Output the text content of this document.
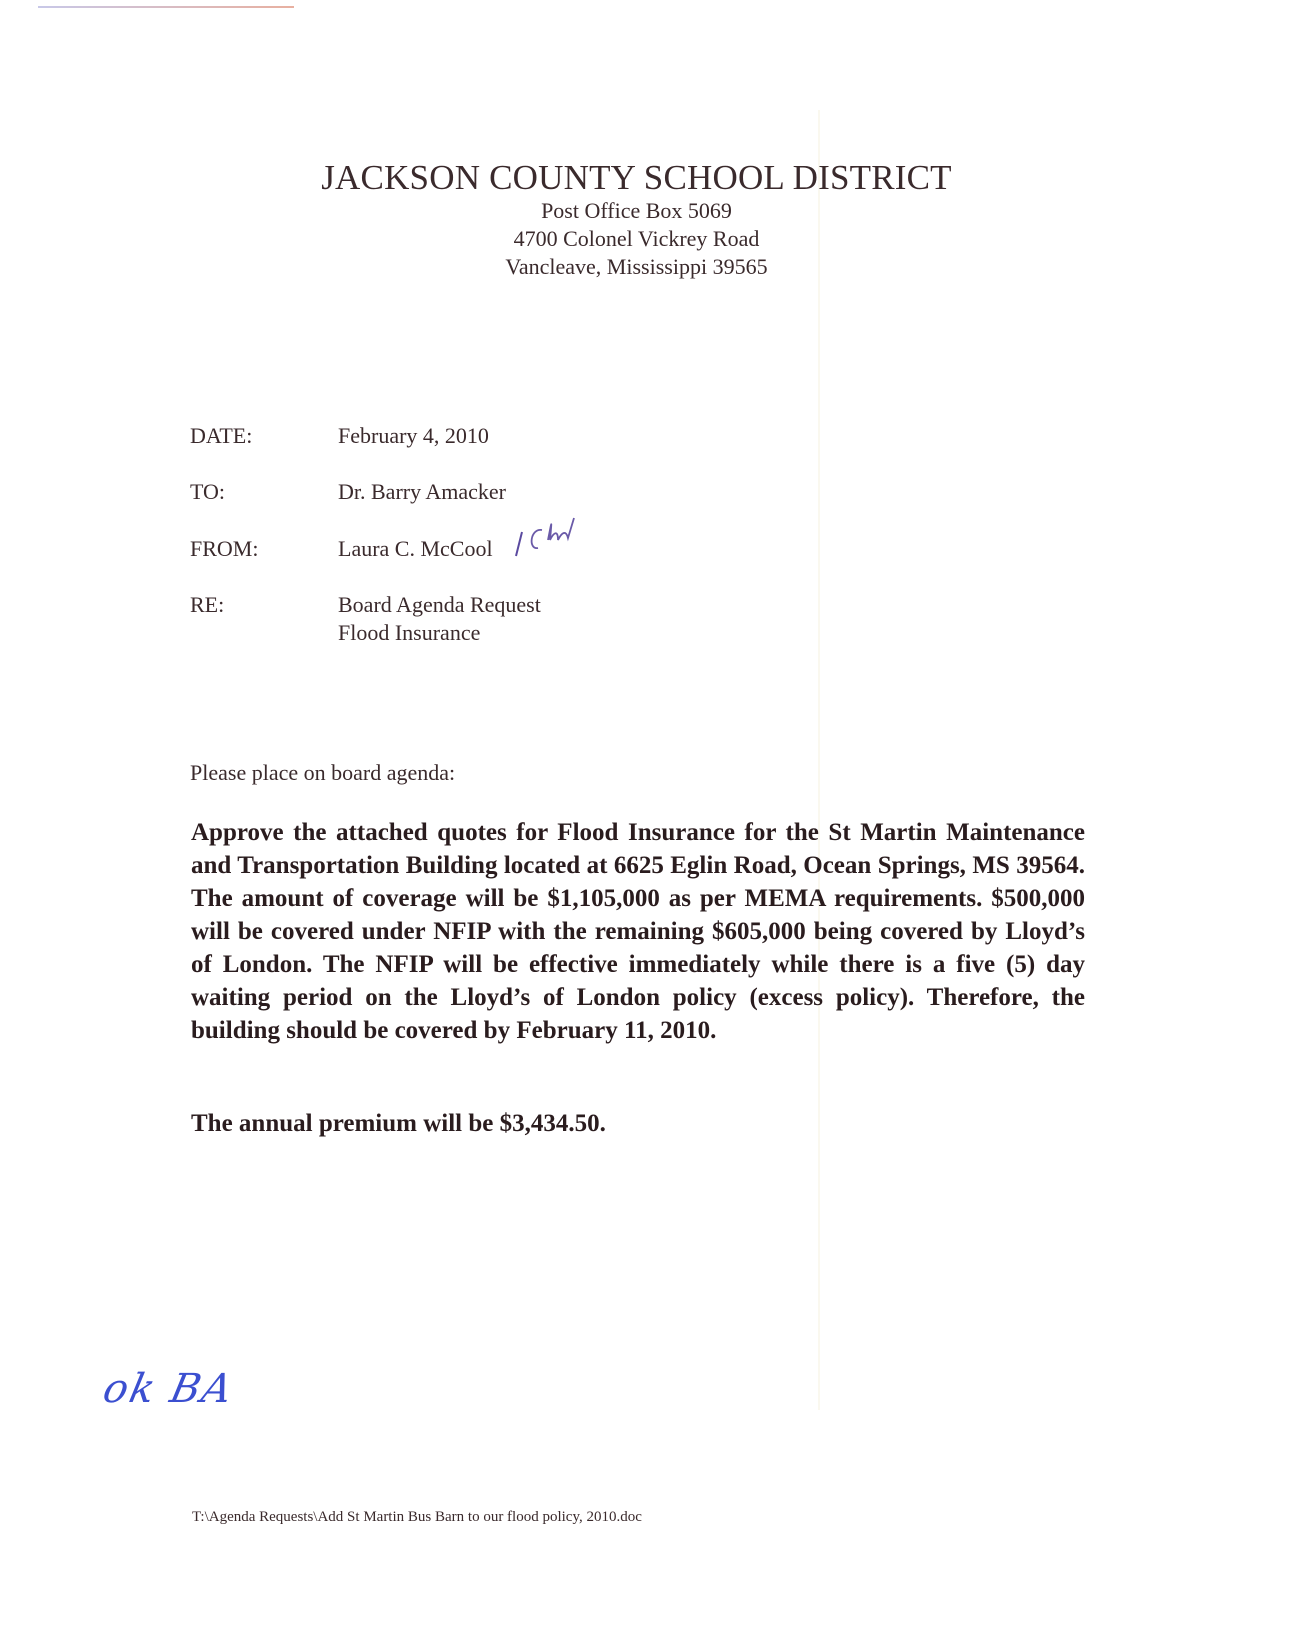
JACKSON COUNTY SCHOOL DISTRICT
Post Office Box 5069
4700 Colonel Vickrey Road
Vancleave, Mississippi 39565
DATE:	February 4, 2010
TO:	Dr. Barry Amacker
FROM:	Laura C. McCool
RE:	Board Agenda Request
Flood Insurance
Please place on board agenda:
Approve the attached quotes for Flood Insurance for the St Martin Maintenance and Transportation Building located at 6625 Eglin Road, Ocean Springs, MS 39564. The amount of coverage will be $1,105,000 as per MEMA requirements. $500,000 will be covered under NFIP with the remaining $605,000 being covered by Lloyd’s of London. The NFIP will be effective immediately while there is a five (5) day waiting period on the Lloyd’s of London policy (excess policy). Therefore, the building should be covered by February 11, 2010.
The annual premium will be $3,434.50.
ok BA
T:\Agenda Requests\Add St Martin Bus Barn to our flood policy, 2010.doc
